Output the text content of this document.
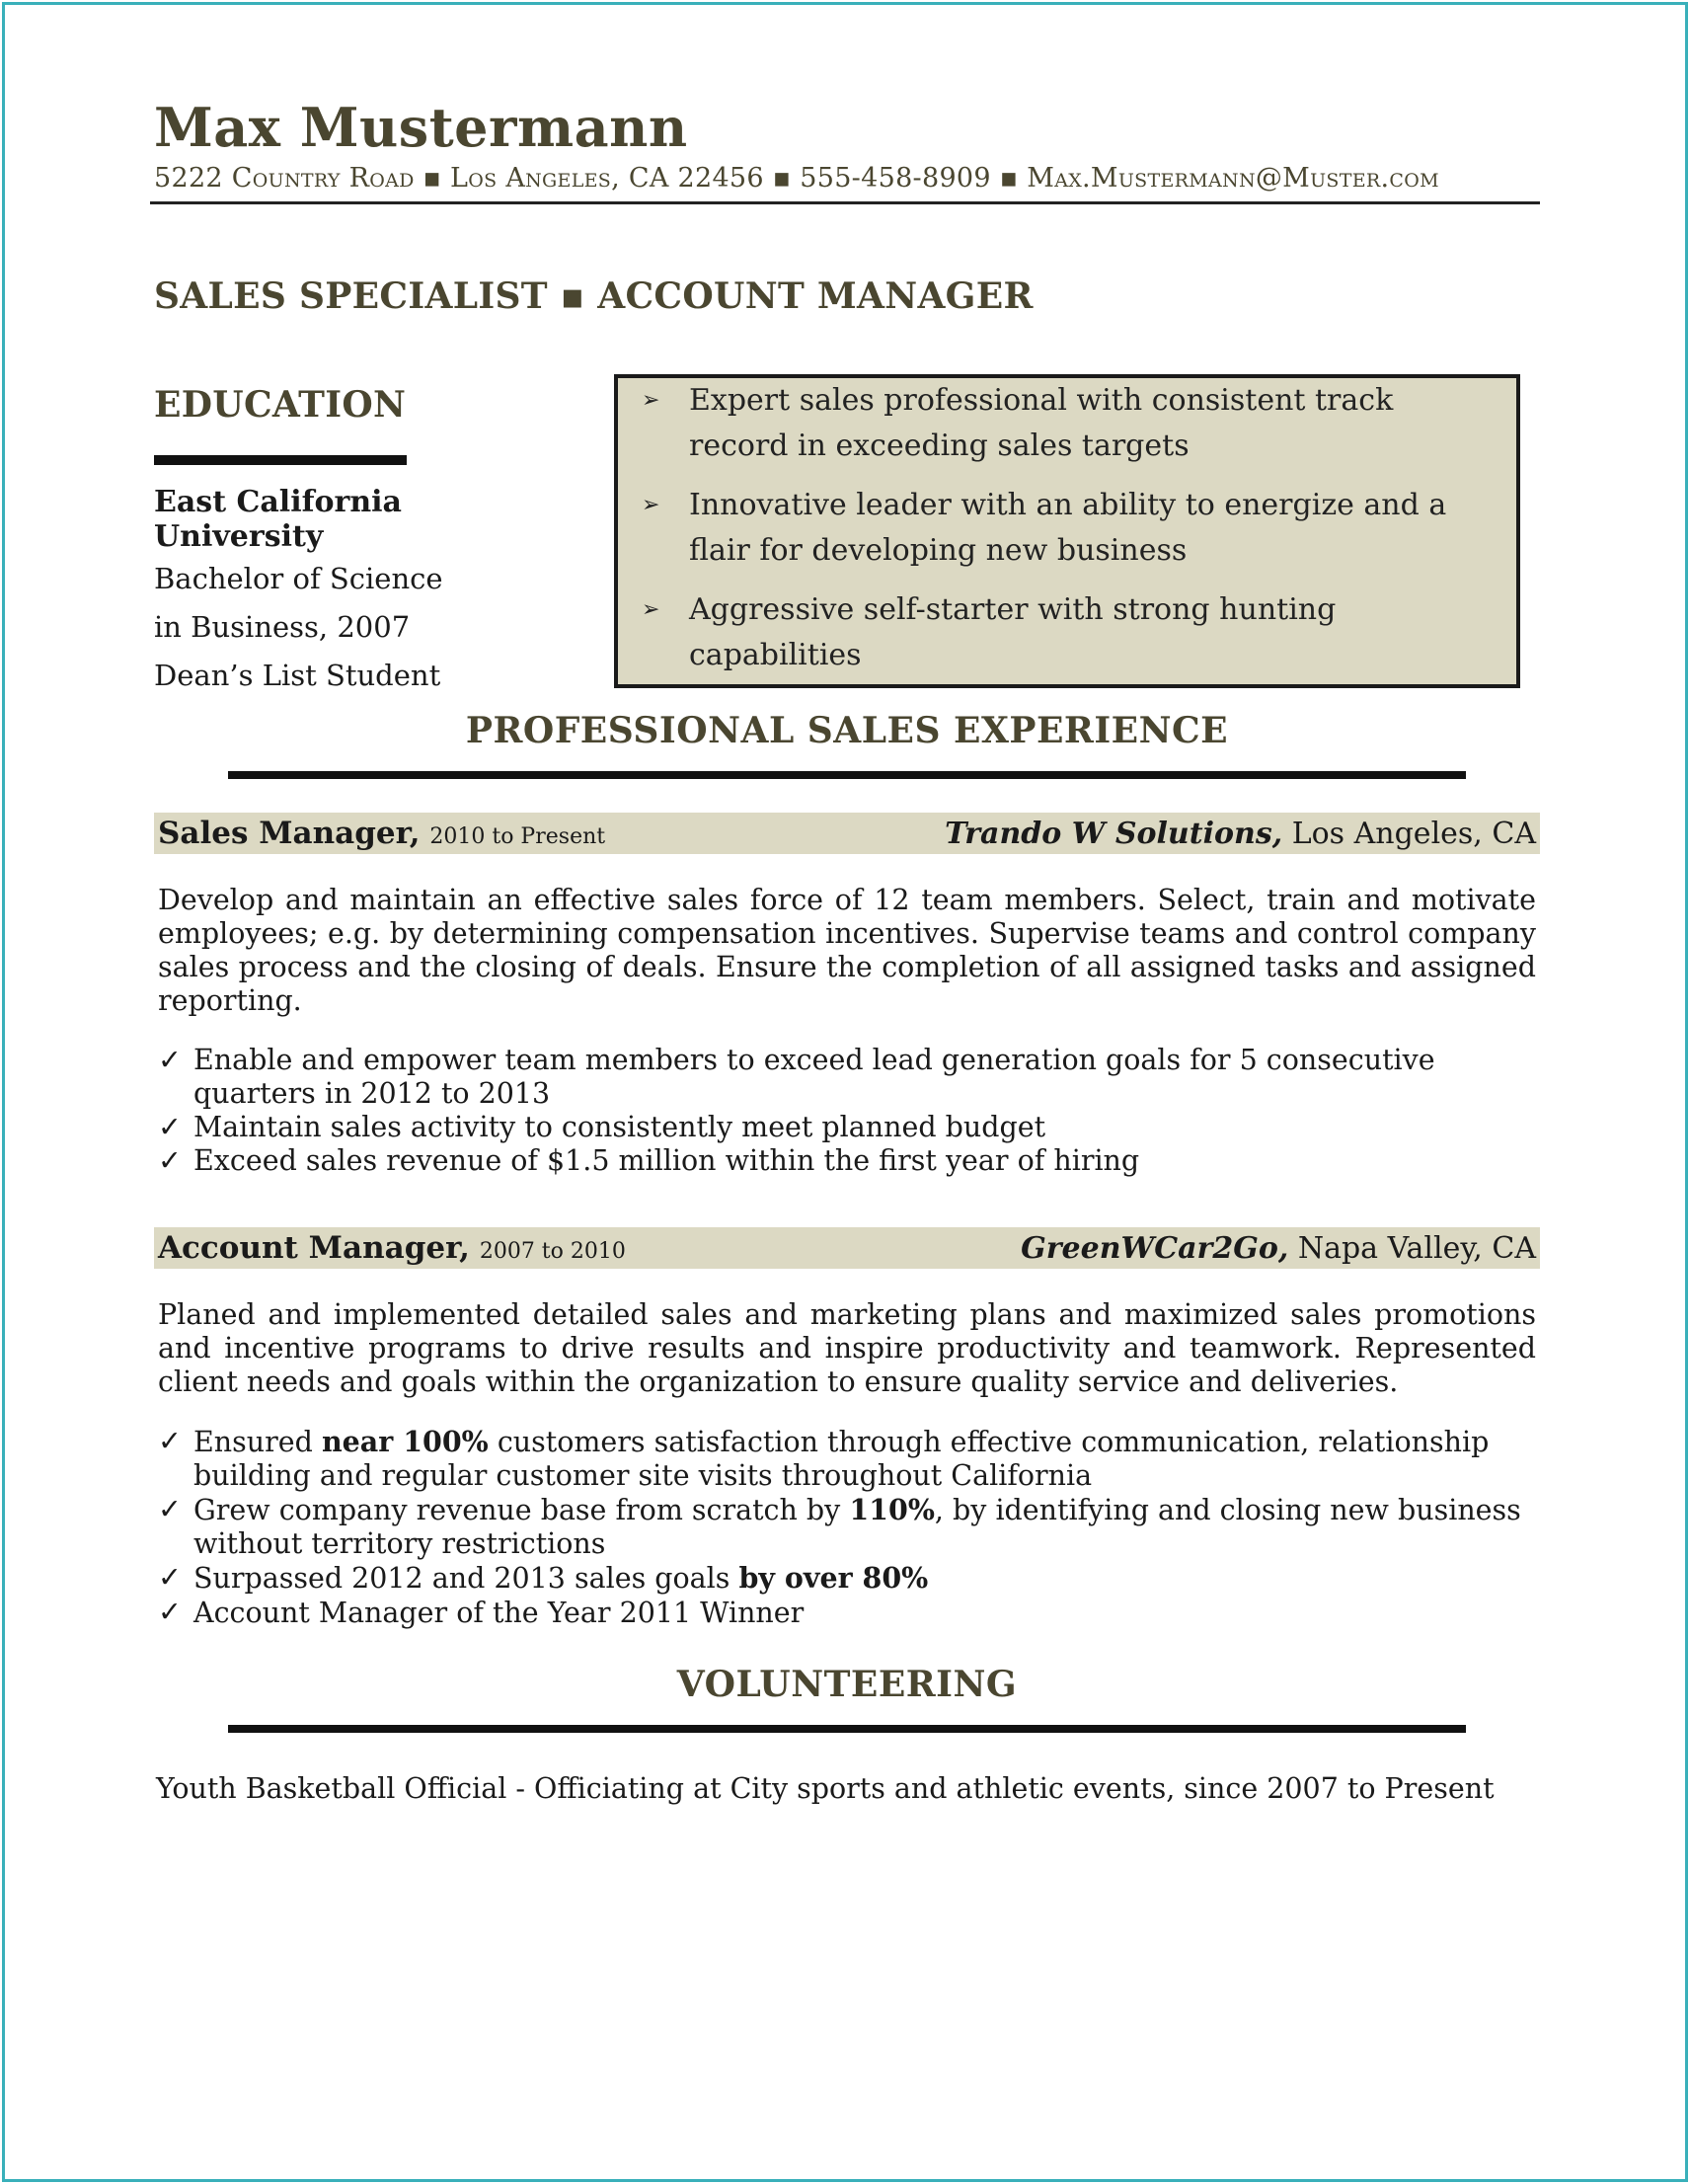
Max Mustermann
5222 Country Road ▪ Los Angeles, CA 22456 ▪ 555-458-8909 ▪ Max.Mustermann@Muster.com
SALES SPECIALIST ▪ ACCOUNT MANAGER
EDUCATION
East California University
Bachelor of Science
in Business, 2007
Dean’s List Student
➢ Expert sales professional with consistent track record in exceeding sales targets
➢ Innovative leader with an ability to energize and a flair for developing new business
➢ Aggressive self-starter with strong hunting capabilities
PROFESSIONAL SALES EXPERIENCE
Sales Manager, 2010 to Present	Trando W Solutions, Los Angeles, CA
Develop and maintain an effective sales force of 12 team members. Select, train and motivate employees; e.g. by determining compensation incentives. Supervise teams and control company sales process and the closing of deals. Ensure the completion of all assigned tasks and assigned reporting.
✓ Enable and empower team members to exceed lead generation goals for 5 consecutive quarters in 2012 to 2013
✓ Maintain sales activity to consistently meet planned budget
✓ Exceed sales revenue of $1.5 million within the first year of hiring
Account Manager, 2007 to 2010	GreenWCar2Go, Napa Valley, CA
Planed and implemented detailed sales and marketing plans and maximized sales promotions and incentive programs to drive results and inspire productivity and teamwork. Represented client needs and goals within the organization to ensure quality service and deliveries.
✓ Ensured near 100% customers satisfaction through effective communication, relationship building and regular customer site visits throughout California
✓ Grew company revenue base from scratch by 110%, by identifying and closing new business without territory restrictions
✓ Surpassed 2012 and 2013 sales goals by over 80%
✓ Account Manager of the Year 2011 Winner
VOLUNTEERING
Youth Basketball Official - Officiating at City sports and athletic events, since 2007 to Present
